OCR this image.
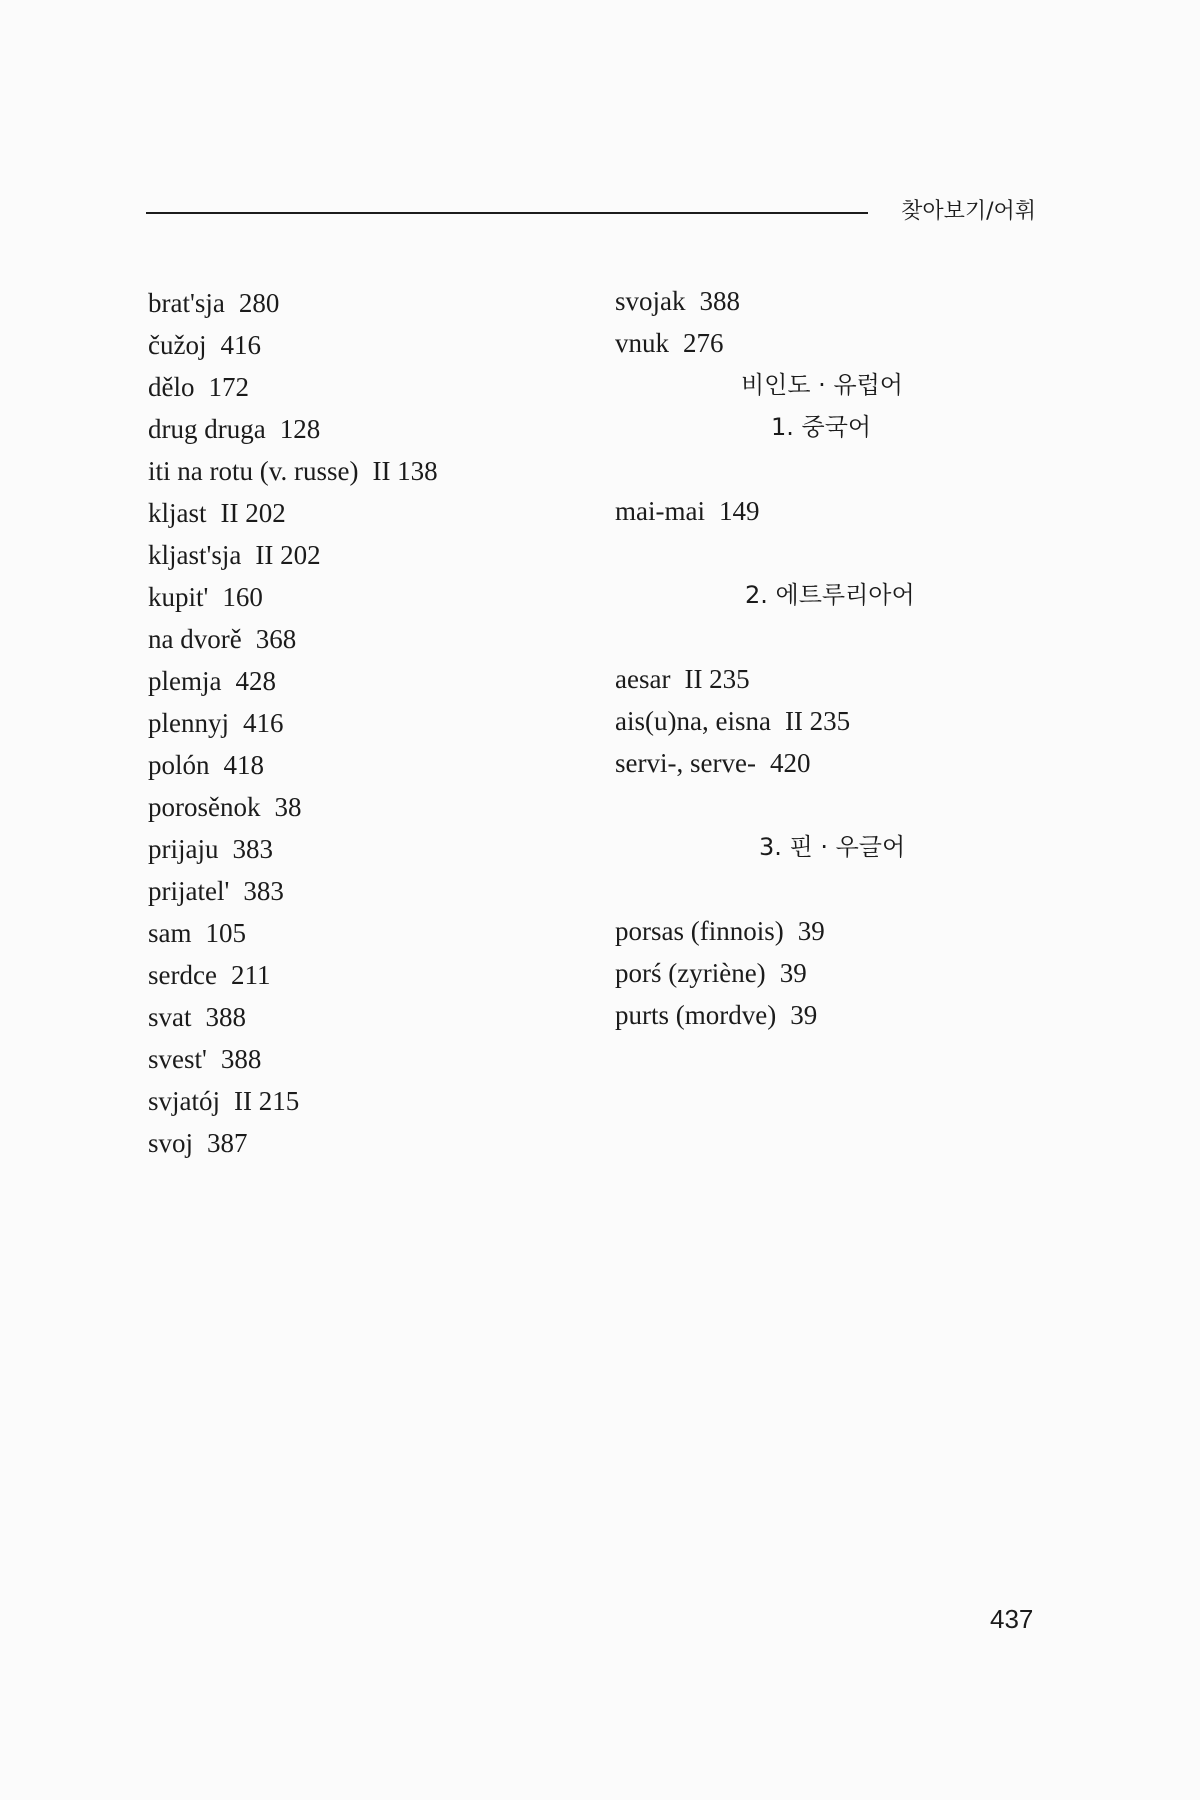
찾아보기/어휘
brat'sja 280
čužoj 416
dělo 172
drug druga 128
iti na rotu (v. russe) II 138
kljast II 202
kljast'sja II 202
kupit' 160
na dvorě 368
plemja 428
plennyj 416
polón 418
porosěnok 38
prijaju 383
prijatel' 383
sam 105
serdce 211
svat 388
svest' 388
svjatój II 215
svoj 387
svojak 388
vnuk 276
비인도 · 유럽어
1. 중국어
mai-mai 149
2. 에트루리아어
aesar II 235
ais(u)na, eisna II 235
servi-, serve- 420
3. 핀 · 우글어
porsas (finnois) 39
porś (zyriène) 39
purts (mordve) 39
437
